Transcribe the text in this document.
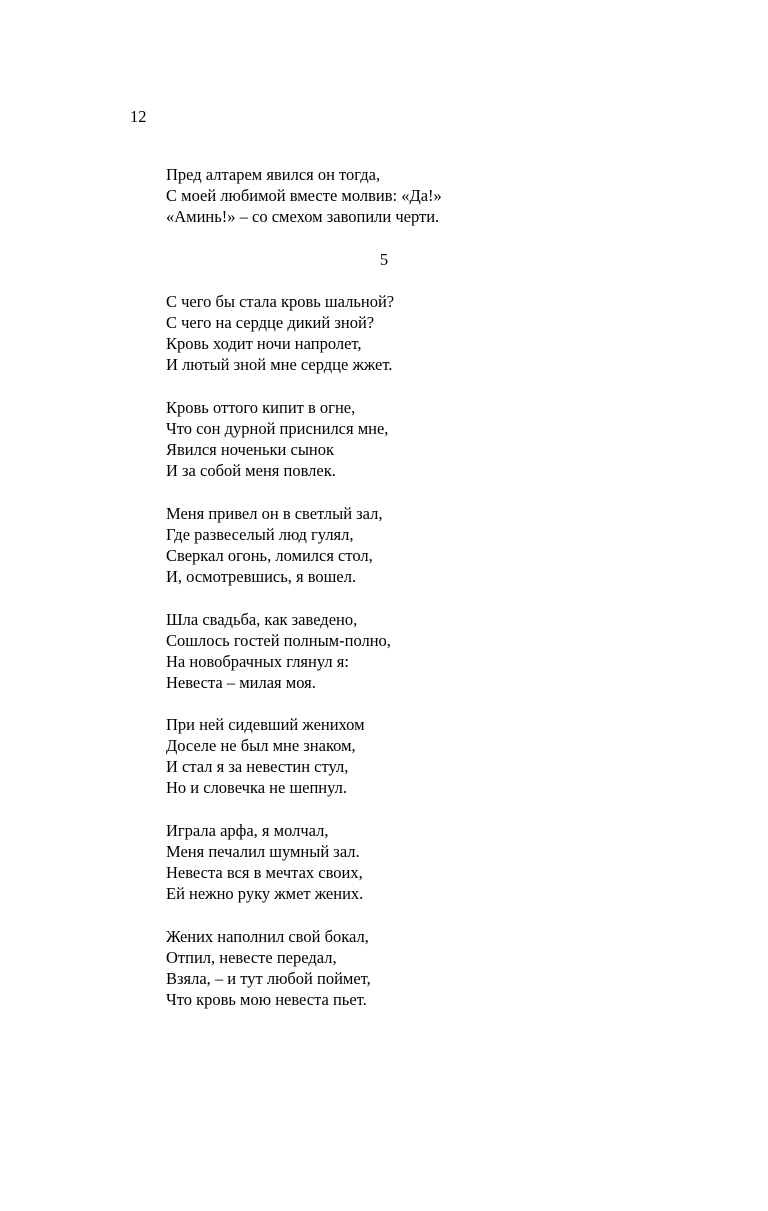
12
Пред алтарем явился он тогда,
С моей любимой вместе молвив: «Да!»
«Аминь!» – со смехом завопили черти.
5
С чего бы стала кровь шальной?
С чего на сердце дикий зной?
Кровь ходит ночи напролет,
И лютый зной мне сердце жжет.
Кровь оттого кипит в огне,
Что сон дурной приснился мне,
Явился ноченьки сынок
И за собой меня повлек.
Меня привел он в светлый зал,
Где развеселый люд гулял,
Сверкал огонь, ломился стол,
И, осмотревшись, я вошел.
Шла свадьба, как заведено,
Сошлось гостей полным-полно,
На новобрачных глянул я:
Невеста – милая моя.
При ней сидевший женихом
Доселе не был мне знаком,
И стал я за невестин стул,
Но и словечка не шепнул.
Играла арфа, я молчал,
Меня печалил шумный зал.
Невеста вся в мечтах своих,
Ей нежно руку жмет жених.
Жених наполнил свой бокал,
Отпил, невесте передал,
Взяла, – и тут любой поймет,
Что кровь мою невеста пьет.
